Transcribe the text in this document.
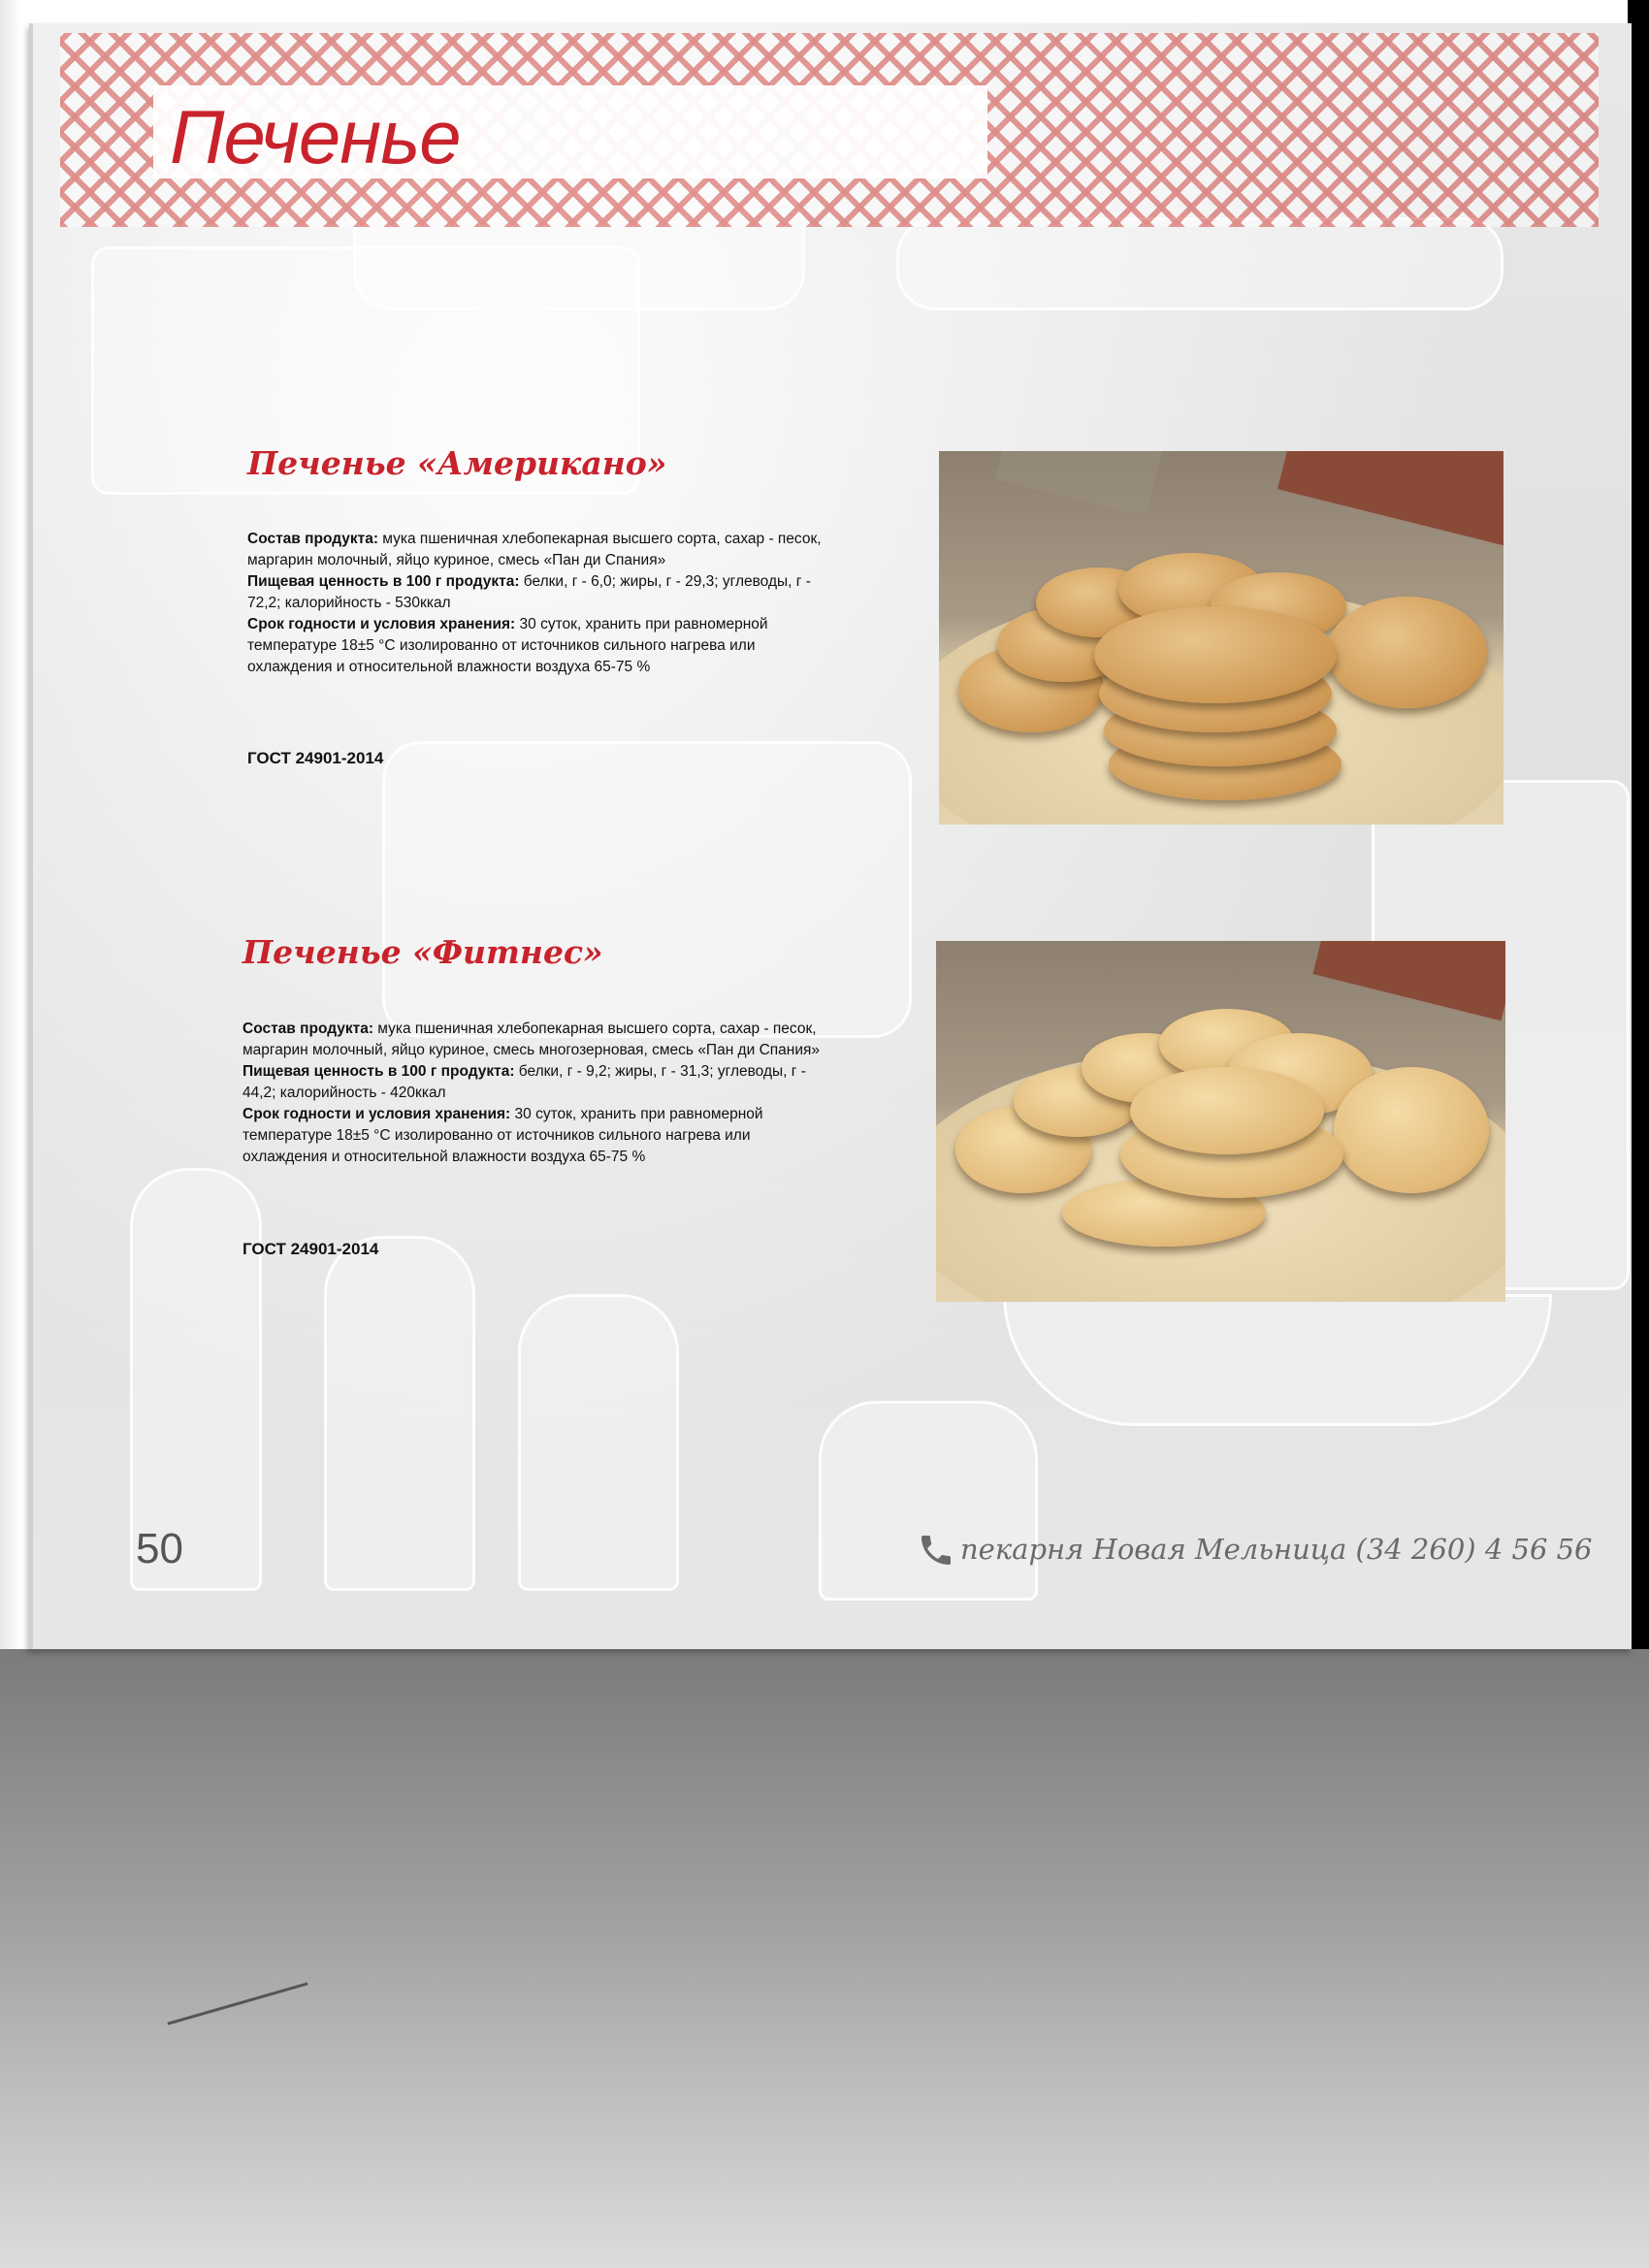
Печенье
Печенье «Американо»
Состав продукта: мука пшеничная хлебопекарная высшего сорта, сахар - песок, маргарин молочный, яйцо куриное, смесь «Пан ди Спания»
Пищевая ценность в 100 г продукта: белки, г - 6,0; жиры, г - 29,3; углеводы, г - 72,2; калорийность - 530ккал
Срок годности и условия хранения: 30 суток, хранить при равномерной температуре 18±5 °С изолированно от источников сильного нагрева или охлаждения и относительной влажности воздуха 65-75 %
ГОСТ 24901-2014
Печенье «Фитнес»
Состав продукта: мука пшеничная хлебопекарная высшего сорта, сахар - песок, маргарин молочный, яйцо куриное, смесь многозерновая, смесь «Пан ди Спания»
Пищевая ценность в 100 г продукта: белки, г - 9,2; жиры, г - 31,3; углеводы, г - 44,2; калорийность - 420ккал
Срок годности и условия хранения: 30 суток, хранить при равномерной температуре 18±5 °С изолированно от источников сильного нагрева или охлаждения и относительной влажности воздуха 65-75 %
ГОСТ 24901-2014
50	пекарня Новая Мельница (34 260) 4 56 56
